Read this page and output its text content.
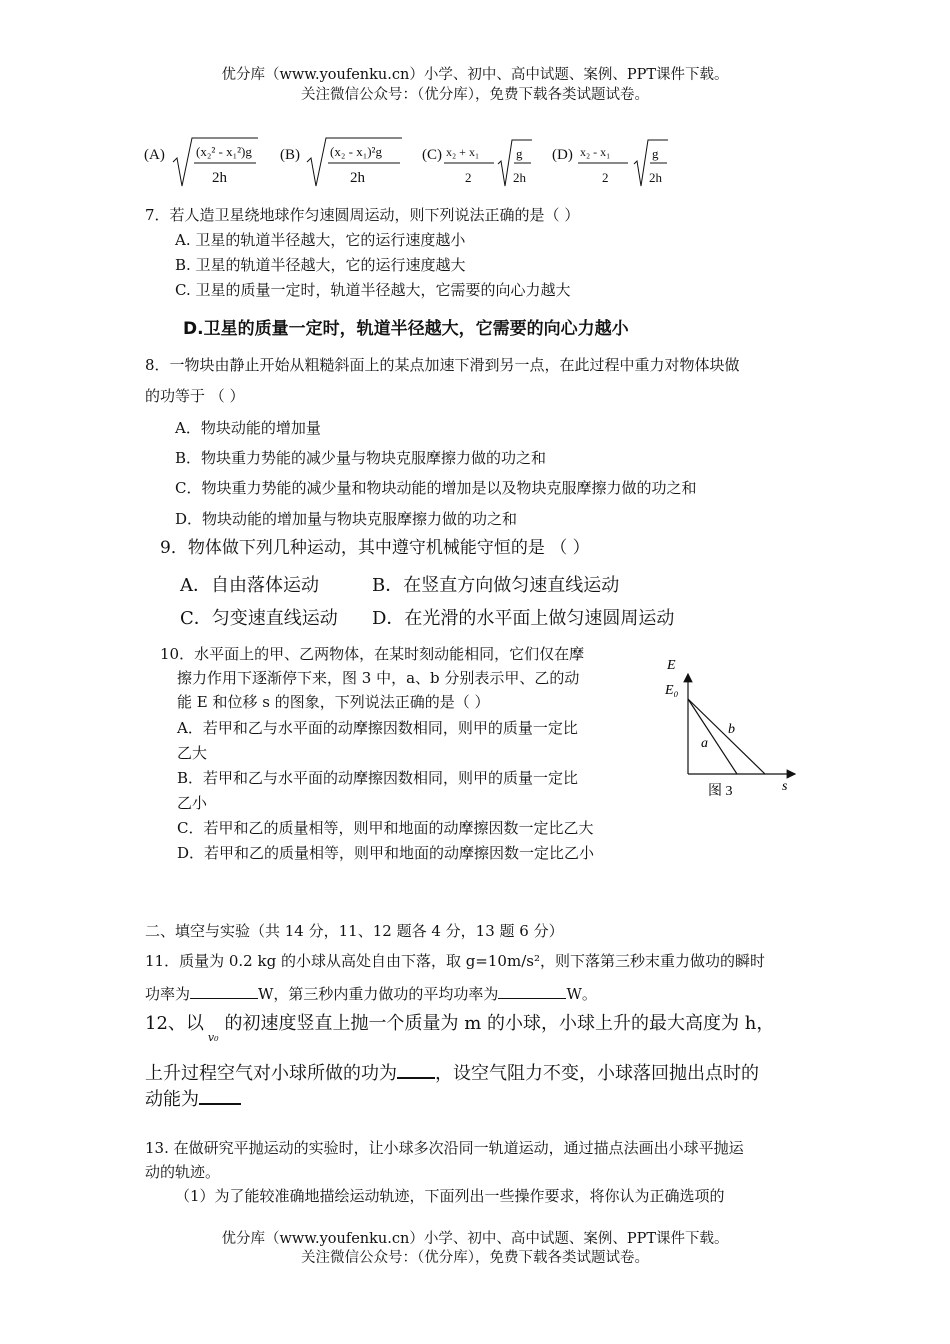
优分库（www.youfenku.cn）小学、初中、高中试题、案例、PPT课件下载。
关注微信公众号：（优分库），免费下载各类试题试卷。
(A) (x₂² - x₁²)g
2h
(B) (x₂ - x₁)²g
2h
(C) x₂ + x₁
2
g
2h
(D) x₂ - x₁
2
g
2h
7．若人造卫星绕地球作匀速圆周运动，则下列说法正确的是（ ）
A. 卫星的轨道半径越大，它的运行速度越小
B. 卫星的轨道半径越大，它的运行速度越大
C. 卫星的质量一定时，轨道半径越大，它需要的向心力越大
D.卫星的质量一定时，轨道半径越大，它需要的向心力越小
8．一物块由静止开始从粗糙斜面上的某点加速下滑到另一点，在此过程中重力对物体块做
的功等于 （ ）
A．物块动能的增加量
B．物块重力势能的减少量与物块克服摩擦力做的功之和
C．物块重力势能的减少量和物块动能的增加是以及物块克服摩擦力做的功之和
D．物块动能的增加量与物块克服摩擦力做的功之和
9．物体做下列几种运动，其中遵守机械能守恒的是 （ ）
A．自由落体运动	B．在竖直方向做匀速直线运动
C．匀变速直线运动 D．在光滑的水平面上做匀速圆周运动
10．水平面上的甲、乙两物体，在某时刻动能相同，它们仅在摩
擦力作用下逐渐停下来，图 3 中，a、b 分别表示甲、乙的动
能 E 和位移 s 的图象，下列说法正确的是（ ）
A．若甲和乙与水平面的动摩擦因数相同，则甲的质量一定比
乙大
B．若甲和乙与水平面的动摩擦因数相同，则甲的质量一定比
乙小
C．若甲和乙的质量相等，则甲和地面的动摩擦因数一定比乙大
D．若甲和乙的质量相等，则甲和地面的动摩擦因数一定比乙小
E
E₀
a
b
s
图 3
二、填空与实验（共 14 分，11、12 题各 4 分，13 题 6 分）
11．质量为 0.2 kg 的小球从高处自由下落，取 g=10m/s²，则下落第三秒末重力做功的瞬时
功率为	W，第三秒内重力做功的平均功率为	W。
12、以$_{v_0}$的初速度竖直上抛一个质量为 m 的小球，小球上升的最大高度为 h，
上升过程空气对小球所做的功为 ，设空气阻力不变，小球落回抛出点时的
动能为
13. 在做研究平抛运动的实验时，让小球多次沿同一轨道运动，通过描点法画出小球平抛运
动的轨迹。
（1）为了能较准确地描绘运动轨迹，下面列出一些操作要求，将你认为正确选项的
优分库（www.youfenku.cn）小学、初中、高中试题、案例、PPT课件下载。
关注微信公众号：（优分库），免费下载各类试题试卷。
